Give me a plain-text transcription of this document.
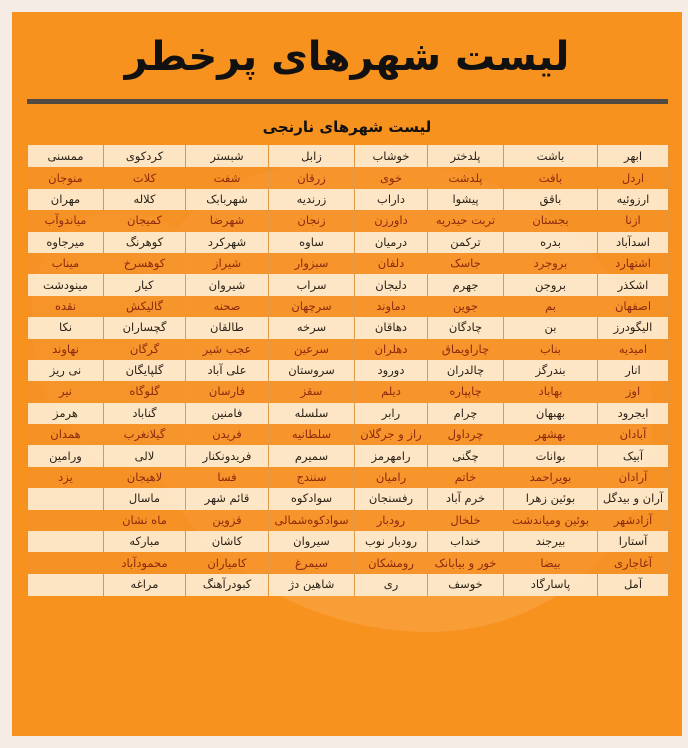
لیست شهرهای پرخطر
لیست شهرهای نارنجی
ابهر	باشت	پلدختر	خوشاب	زابل	شبستر	کردکوی	ممسنی
اردل	بافت	پلدشت	خوی	زرقان	شفت	کلات	منوجان
ارزوئیه	باقق	پیشوا	داراب	زرندیه	شهربابک	کلاله	مهران
ازنا	بجستان	تربت حیدریه	داورزن	زنجان	شهرضا	کمیجان	میاندوآب
اسدآباد	بدره	ترکمن	درمیان	ساوه	شهرکرد	کوهرنگ	میرجاوه
اشتهارد	بروجرد	جاسک	دلفان	سبزوار	شیراز	کوهسرخ	میناب
اشکذر	بروجن	جهرم	دلیجان	سراب	شیروان	کیار	مینودشت
اصفهان	بم	جوین	دماوند	سرچهان	صحنه	گالیکش	نقده
الیگودرز	بن	چادگان	دهاقان	سرخه	طالقان	گچساران	نکا
امیدیه	بناب	چاراویماق	دهلران	سرعین	عجب شیر	گرگان	نهاوند
انار	بندرگز	چالدران	دورود	سروستان	علی آباد	گلپایگان	نی ریز
اوز	بهاباد	چاپپاره	دیلم	سقز	فارسان	گلوگاه	نیر
ایجرود	بهبهان	چرام	رابر	سلسله	فامنین	گناباد	هرمز
آبادان	بهشهر	چرداول	راز و جرگلان	سلطانیه	فریدن	گیلانغرب	همدان
آبیک	بوانات	چگنی	رامهرمز	سمیرم	فریدونکنار	لالی	ورامین
آرادان	بویراحمد	خاتم	رامیان	سنندج	فسا	لاهیجان	یزد
آران و بیدگل	بوئین زهرا	خرم آباد	رفسنجان	سوادکوه	قائم شهر	ماسال	
آزادشهر	بوئین ومیاندشت	خلخال	رودبار	سوادکوه‌شمالی	قزوین	ماه نشان	
آستارا	بیرجند	خنداب	رودبار نوب	سیروان	کاشان	مبارکه	
آغاجاری	بیضا	خور و بیابانک	رومشکان	سیمرغ	کامیاران	محمودآباد	
آمل	پاسارگاد	خوسف	ری	شاهین دژ	کبودرآهنگ	مراغه	
